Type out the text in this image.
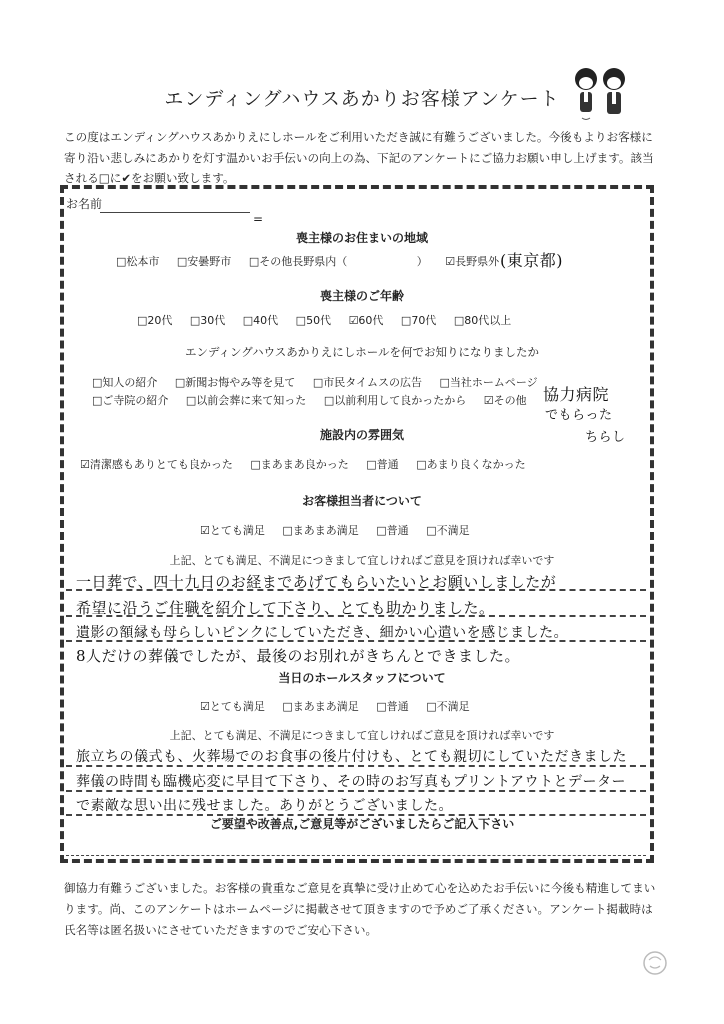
エンディングハウスあかりお客様アンケート
この度はエンディングハウスあかりえにしホールをご利用いただき誠に有難うございました。今後もよりお客様に寄り沿い悲しみにあかりを灯す温かいお手伝いの向上の為、下記のアンケートにご協力お願い申し上げます。該当される□に✔をお願い致します。
お名前
=
喪主様のお住まいの地域
□松本市 □安曇野市 □その他長野県内（	） ☑長野県外 (東京都)
喪主様のご年齢
□20代 □30代 □40代 □50代 ☑60代 □70代 □80代以上
エンディングハウスあかりえにしホールを何でお知りになりましたか
□知人の紹介 □新聞お悔やみ等を見て □市民タイムスの広告 □当社ホームページ
□ご寺院の紹介 □以前会葬に来て知った □以前利用して良かったから ☑その他	協力病院
でもらった
ちらし
施設内の雰囲気
☑清潔感もありとても良かった □まあまあ良かった □普通 □あまり良くなかった
お客様担当者について
☑とても満足 □まあまあ満足 □普通 □不満足
上記、とても満足、不満足につきまして宜しければご意見を頂ければ幸いです
一日葬で、四十九日のお経まであげてもらいたいとお願いしましたが
希望に沿うご住職を紹介して下さり、とても助かりました。
遺影の額縁も母らしいピンクにしていただき、細かい心遣いを感じました。
8人だけの葬儀でしたが、最後のお別れがきちんとできました。
当日のホールスタッフについて
☑とても満足 □まあまあ満足 □普通 □不満足
上記、とても満足、不満足につきまして宜しければご意見を頂ければ幸いです
旅立ちの儀式も、火葬場でのお食事の後片付けも、とても親切にしていただきました
葬儀の時間も臨機応変に早目て下さり、その時のお写真もプリントアウトとデーター
で素敵な思い出に残せました。ありがとうございました。
ご要望や改善点,ご意見等がございましたらご記入下さい
御協力有難うございました。お客様の貴重なご意見を真摯に受け止めて心を込めたお手伝いに今後も精進してまいります。尚、このアンケートはホームページに掲載させて頂きますので予めご了承ください。アンケート掲載時は氏名等は匿名扱いにさせていただきますのでご安心下さい。
